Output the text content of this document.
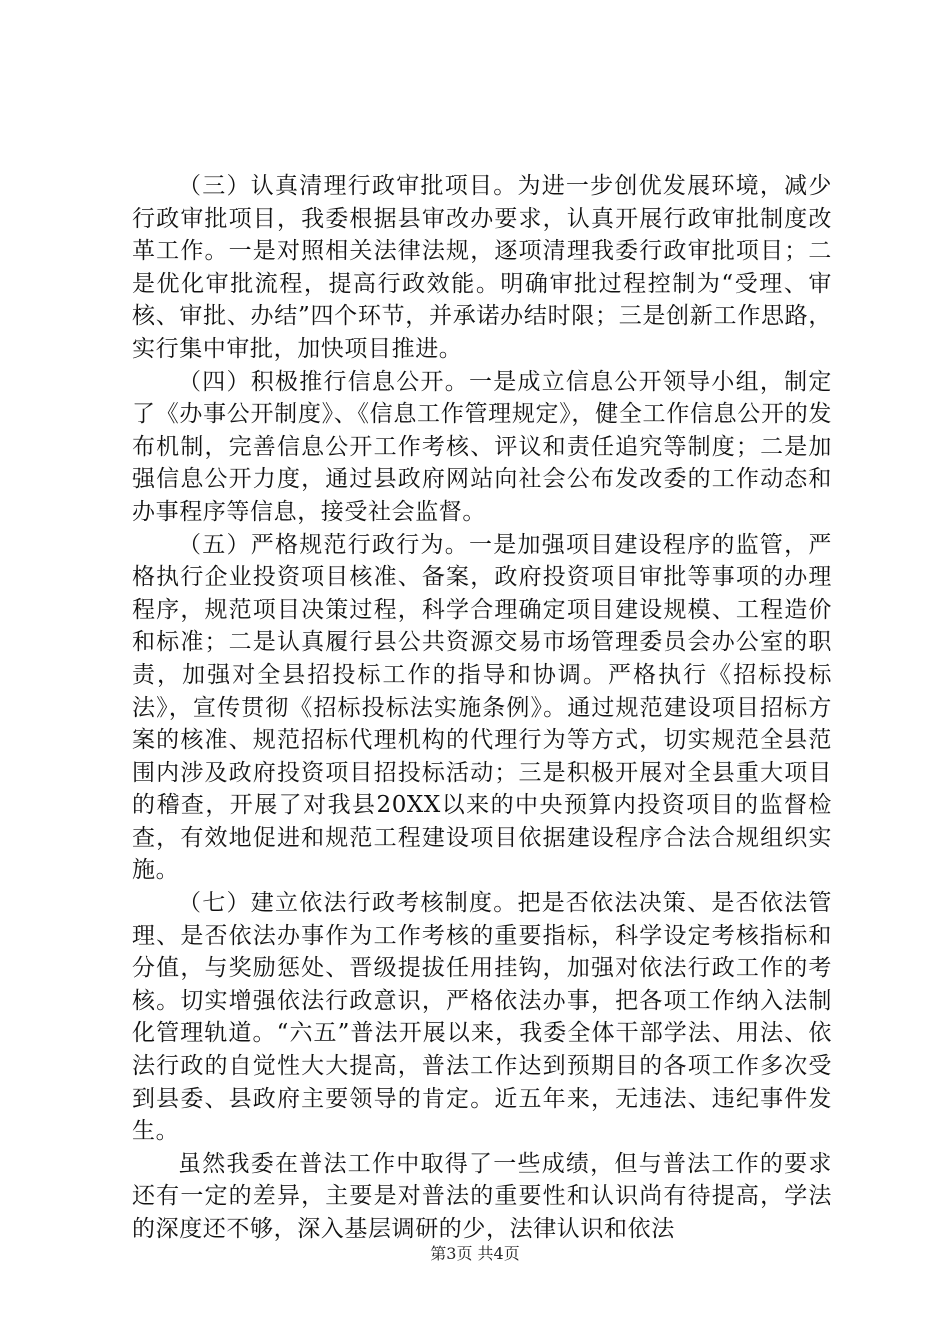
（三）认真清理行政审批项目。为进一步创优发展环境，减少行政审批项目，我委根据县审改办要求，认真开展行政审批制度改革工作。一是对照相关法律法规，逐项清理我委行政审批项目；二是优化审批流程，提高行政效能。明确审批过程控制为“受理、审核、审批、办结”四个环节，并承诺办结时限；三是创新工作思路，实行集中审批，加快项目推进。

（四）积极推行信息公开。一是成立信息公开领导小组，制定了《办事公开制度》、《信息工作管理规定》，健全工作信息公开的发布机制，完善信息公开工作考核、评议和责任追究等制度；二是加强信息公开力度，通过县政府网站向社会公布发改委的工作动态和办事程序等信息，接受社会监督。

（五）严格规范行政行为。一是加强项目建设程序的监管，严格执行企业投资项目核准、备案，政府投资项目审批等事项的办理程序，规范项目决策过程，科学合理确定项目建设规模、工程造价和标准；二是认真履行县公共资源交易市场管理委员会办公室的职责，加强对全县招投标工作的指导和协调。严格执行《招标投标法》，宣传贯彻《招标投标法实施条例》。通过规范建设项目招标方案的核准、规范招标代理机构的代理行为等方式，切实规范全县范围内涉及政府投资项目招投标活动；三是积极开展对全县重大项目的稽查，开展了对我县20XX以来的中央预算内投资项目的监督检查，有效地促进和规范工程建设项目依据建设程序合法合规组织实施。

（七）建立依法行政考核制度。把是否依法决策、是否依法管理、是否依法办事作为工作考核的重要指标，科学设定考核指标和分值，与奖励惩处、晋级提拔任用挂钩，加强对依法行政工作的考核。切实增强依法行政意识，严格依法办事，把各项工作纳入法制化管理轨道。“六五”普法开展以来，我委全体干部学法、用法、依法行政的自觉性大大提高，普法工作达到预期目的各项工作多次受到县委、县政府主要领导的肯定。近五年来，无违法、违纪事件发生。

虽然我委在普法工作中取得了一些成绩，但与普法工作的要求还有一定的差异，主要是对普法的重要性和认识尚有待提高，学法的深度还不够，深入基层调研的少，法律认识和依法

第3页 共4页
